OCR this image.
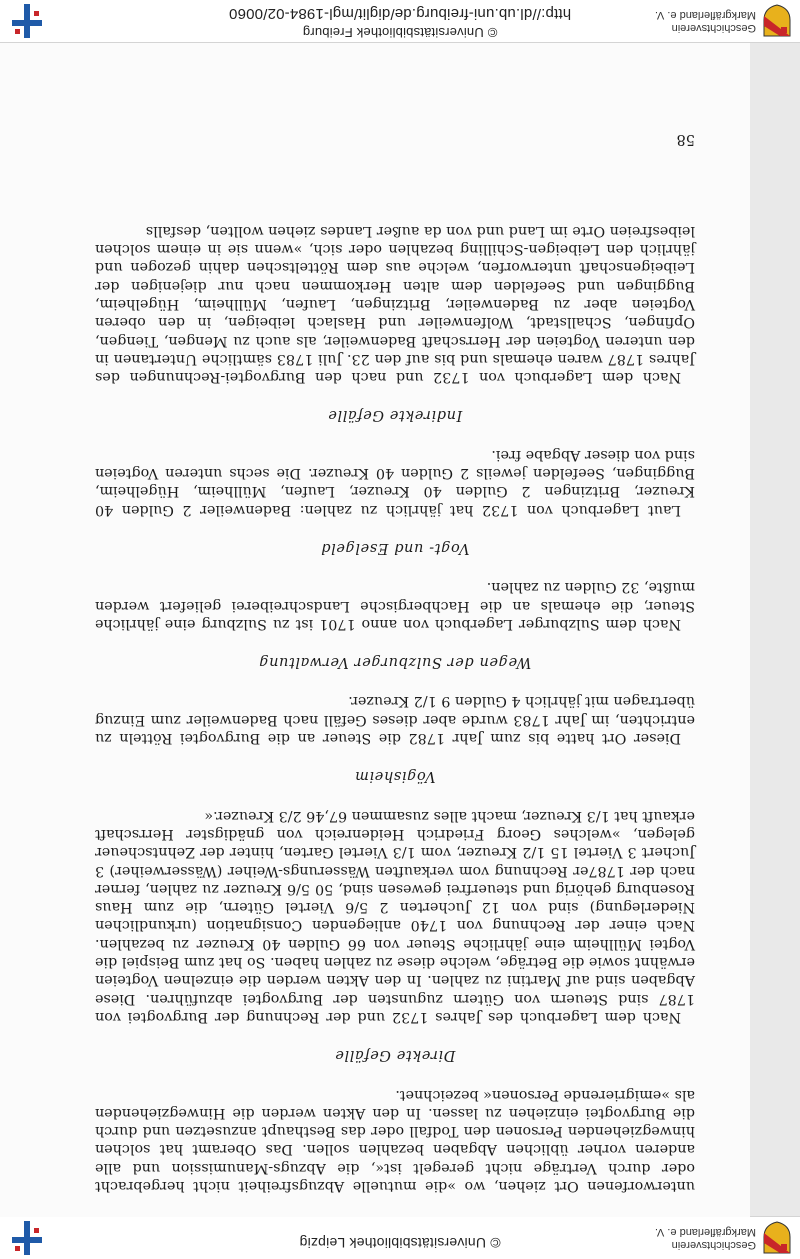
Geschichtsverein
Markgräflerland e. V.
© Universitätsbibliothek Leipzig

unterworfenen Ort ziehen, wo »die mutuelle Abzugsfreiheit nicht hergebracht oder durch Verträge nicht geregelt ist«, die Abzugs-Manumission und alle anderen vorher üblichen Abgaben bezahlen sollen. Das Oberamt hat solchen hinwegziehenden Personen den Todfall oder das Besthaupt anzusetzen und durch die Burgvogtei einziehen zu lassen. In den Akten werden die Hinwegziehenden als »emigrierende Personen« bezeichnet.

Direkte Gefälle

Nach dem Lagerbuch des Jahres 1732 und der Rechnung der Burgvogtei von 1787 sind Steuern von Gütern zugunsten der Burgvogtei abzuführen. Diese Abgaben sind auf Martini zu zahlen. In den Akten werden die einzelnen Vogteien erwähnt sowie die Beträge, welche diese zu zahlen haben. So hat zum Beispiel die Vogtei Müllheim eine jährliche Steuer von 66 Gulden 40 Kreuzer zu bezahlen. Nach einer der Rechnung von 1740 anliegenden Consignation (urkundlichen Niederlegung) sind von 12 Jucherten 2 5/6 Viertel Gütern, die zum Haus Rosenburg gehörig und steuerfrei gewesen sind, 50 5/6 Kreuzer zu zahlen, ferner nach der 1787er Rechnung vom verkauften Wässerungs-Weiher (Wässerweiher) 3 Juchert 3 Viertel 15 1/2 Kreuzer, vom 1/3 Viertel Garten, hinter der Zehntscheuer gelegen, »welches Georg Friedrich Heidenreich von gnädigster Herrschaft erkauft hat 1/3 Kreuzer, macht alles zusammen 67,46 2/3 Kreuzer.«

Vögisheim

Dieser Ort hatte bis zum Jahr 1782 die Steuer an die Burgvogtei Rötteln zu entrichten, im Jahr 1783 wurde aber dieses Gefäll nach Badenweiler zum Einzug übertragen mit jährlich 4 Gulden 9 1/2 Kreuzer.

Wegen der Sulzburger Verwaltung

Nach dem Sulzburger Lagerbuch von anno 1701 ist zu Sulzburg eine jährliche Steuer, die ehemals an die Hachbergische Landschreiberei geliefert werden mußte, 32 Gulden zu zahlen.

Vogt- und Eselgeld

Laut Lagerbuch von 1732 hat jährlich zu zahlen: Badenweiler 2 Gulden 40 Kreuzer, Britzingen 2 Gulden 40 Kreuzer, Laufen, Müllheim, Hügelheim, Buggingen, Seefelden jeweils 2 Gulden 40 Kreuzer. Die sechs unteren Vogteien sind von dieser Abgabe frei.

Indirekte Gefälle

Nach dem Lagerbuch von 1732 und nach den Burgvogtei-Rechnungen des Jahres 1787 waren ehemals und bis auf den 23. Juli 1783 sämtliche Untertanen in den unteren Vogteien der Herrschaft Badenweiler, als auch zu Mengen, Tiengen, Opfingen, Schallstadt, Wolfenweiler und Haslach leibeigen, in den oberen Vogteien aber zu Badenweiler, Britzingen, Laufen, Müllheim, Hügelheim, Buggingen und Seefelden dem alten Herkommen nach nur diejenigen der Leibeigenschaft unterworfen, welche aus dem Rötteltschen dahin gezogen und jährlich den Leibeigen-Schilling bezahlen oder sich, »wenn sie in einem solchen leibesfreien Orte im Land und von da außer Landes ziehen wollten, desfalls

58
Geschichtsverein
Markgräflerland e. V.
© Universitätsbibliothek Freiburg
http://dl.ub.uni-freiburg.de/diglit/mgl-1984-02/0060
